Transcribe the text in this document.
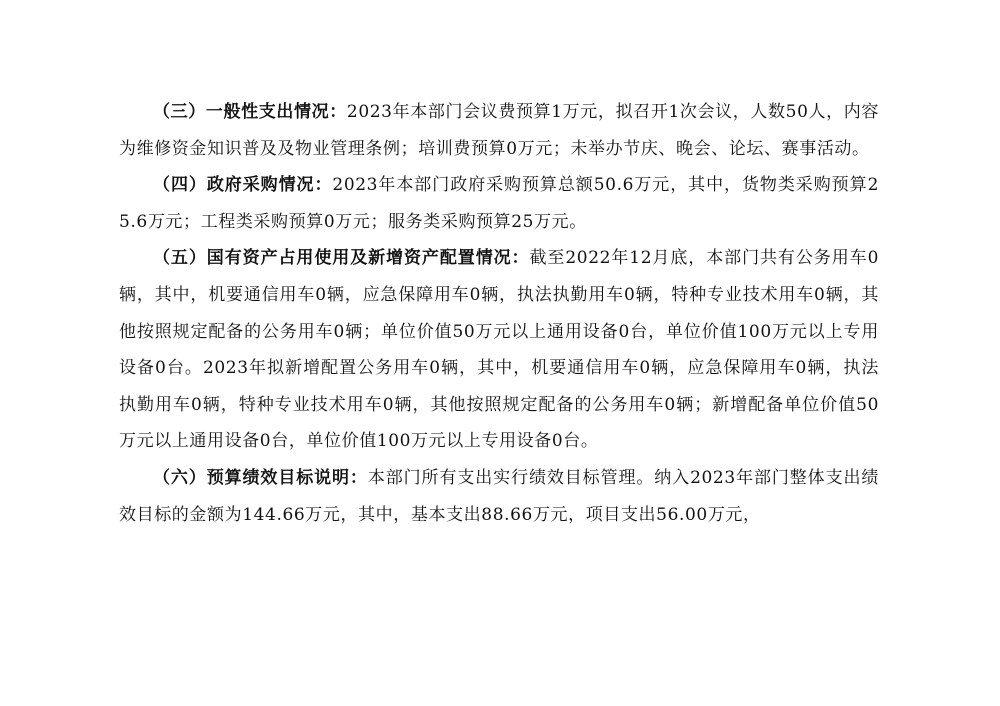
（三）一般性支出情况：2023年本部门会议费预算1万元，拟召开1次会议，人数50人，内容为维修资金知识普及及物业管理条例；培训费预算0万元；未举办节庆、晚会、论坛、赛事活动。

（四）政府采购情况：2023年本部门政府采购预算总额50.6万元，其中，货物类采购预算25.6万元；工程类采购预算0万元；服务类采购预算25万元。

（五）国有资产占用使用及新增资产配置情况：截至2022年12月底，本部门共有公务用车0辆，其中，机要通信用车0辆，应急保障用车0辆，执法执勤用车0辆，特种专业技术用车0辆，其他按照规定配备的公务用车0辆；单位价值50万元以上通用设备0台，单位价值100万元以上专用设备0台。2023年拟新增配置公务用车0辆，其中，机要通信用车0辆，应急保障用车0辆，执法执勤用车0辆，特种专业技术用车0辆，其他按照规定配备的公务用车0辆；新增配备单位价值50万元以上通用设备0台，单位价值100万元以上专用设备0台。

（六）预算绩效目标说明：本部门所有支出实行绩效目标管理。纳入2023年部门整体支出绩效目标的金额为144.66万元，其中，基本支出88.66万元，项目支出56.00万元，
